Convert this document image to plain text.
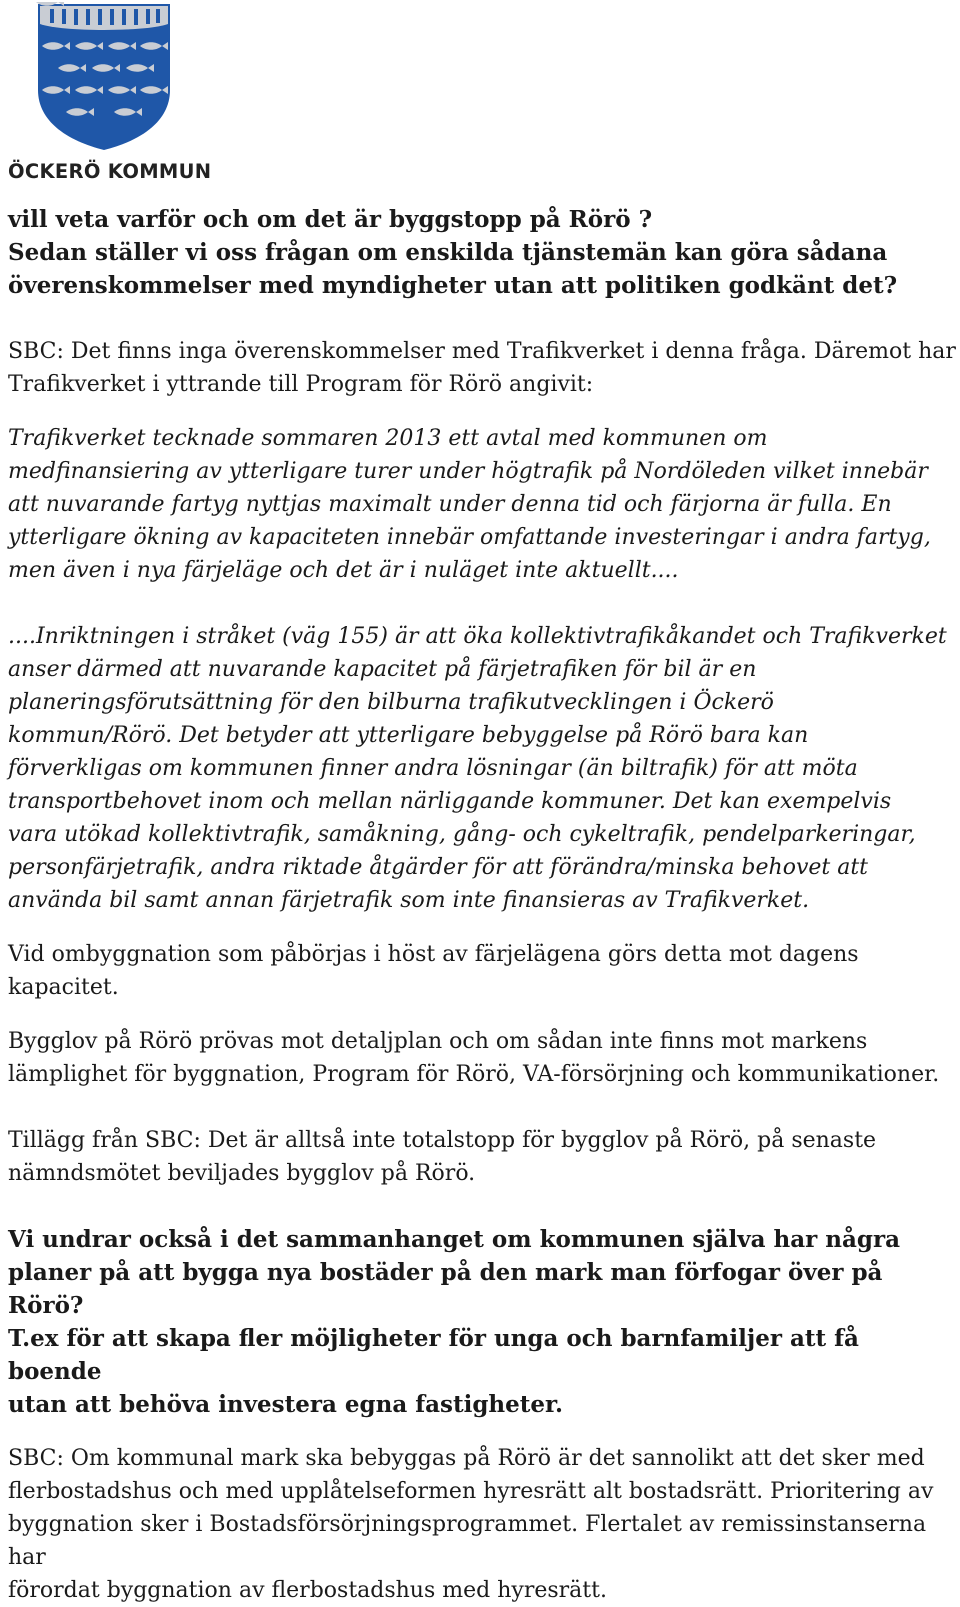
ÖCKERÖ KOMMUN

vill veta varför och om det är byggstopp på Rörö ?
Sedan ställer vi oss frågan om enskilda tjänstemän kan göra sådana
överenskommelser med myndigheter utan att politiken godkänt det?

SBC: Det finns inga överenskommelser med Trafikverket i denna fråga. Däremot har
Trafikverket i yttrande till Program för Rörö angivit:

Trafikverket tecknade sommaren 2013 ett avtal med kommunen om
medfinansiering av ytterligare turer under högtrafik på Nordöleden vilket innebär
att nuvarande fartyg nyttjas maximalt under denna tid och färjorna är fulla. En
ytterligare ökning av kapaciteten innebär omfattande investeringar i andra fartyg,
men även i nya färjeläge och det är i nuläget inte aktuellt....

....Inriktningen i stråket (väg 155) är att öka kollektivtrafikåkandet och Trafikverket
anser därmed att nuvarande kapacitet på färjetrafiken för bil är en
planeringsförutsättning för den bilburna trafikutvecklingen i Öckerö
kommun/Rörö. Det betyder att ytterligare bebyggelse på Rörö bara kan
förverkligas om kommunen finner andra lösningar (än biltrafik) för att möta
transportbehovet inom och mellan närliggande kommuner. Det kan exempelvis
vara utökad kollektivtrafik, samåkning, gång- och cykeltrafik, pendelparkeringar,
personfärjetrafik, andra riktade åtgärder för att förändra/minska behovet att
använda bil samt annan färjetrafik som inte finansieras av Trafikverket.

Vid ombyggnation som påbörjas i höst av färjelägena görs detta mot dagens
kapacitet.

Bygglov på Rörö prövas mot detaljplan och om sådan inte finns mot markens
lämplighet för byggnation, Program för Rörö, VA-försörjning och kommunikationer.

Tillägg från SBC: Det är alltså inte totalstopp för bygglov på Rörö, på senaste
nämndsmötet beviljades bygglov på Rörö.

Vi undrar också i det sammanhanget om kommunen själva har några
planer på att bygga nya bostäder på den mark man förfogar över på
Rörö?
T.ex för att skapa fler möjligheter för unga och barnfamiljer att få boende
utan att behöva investera egna fastigheter.

SBC: Om kommunal mark ska bebyggas på Rörö är det sannolikt att det sker med
flerbostadshus och med upplåtelseformen hyresrätt alt bostadsrätt. Prioritering av
byggnation sker i Bostadsförsörjningsprogrammet. Flertalet av remissinstanserna har
förordat byggnation av flerbostadshus med hyresrätt.
